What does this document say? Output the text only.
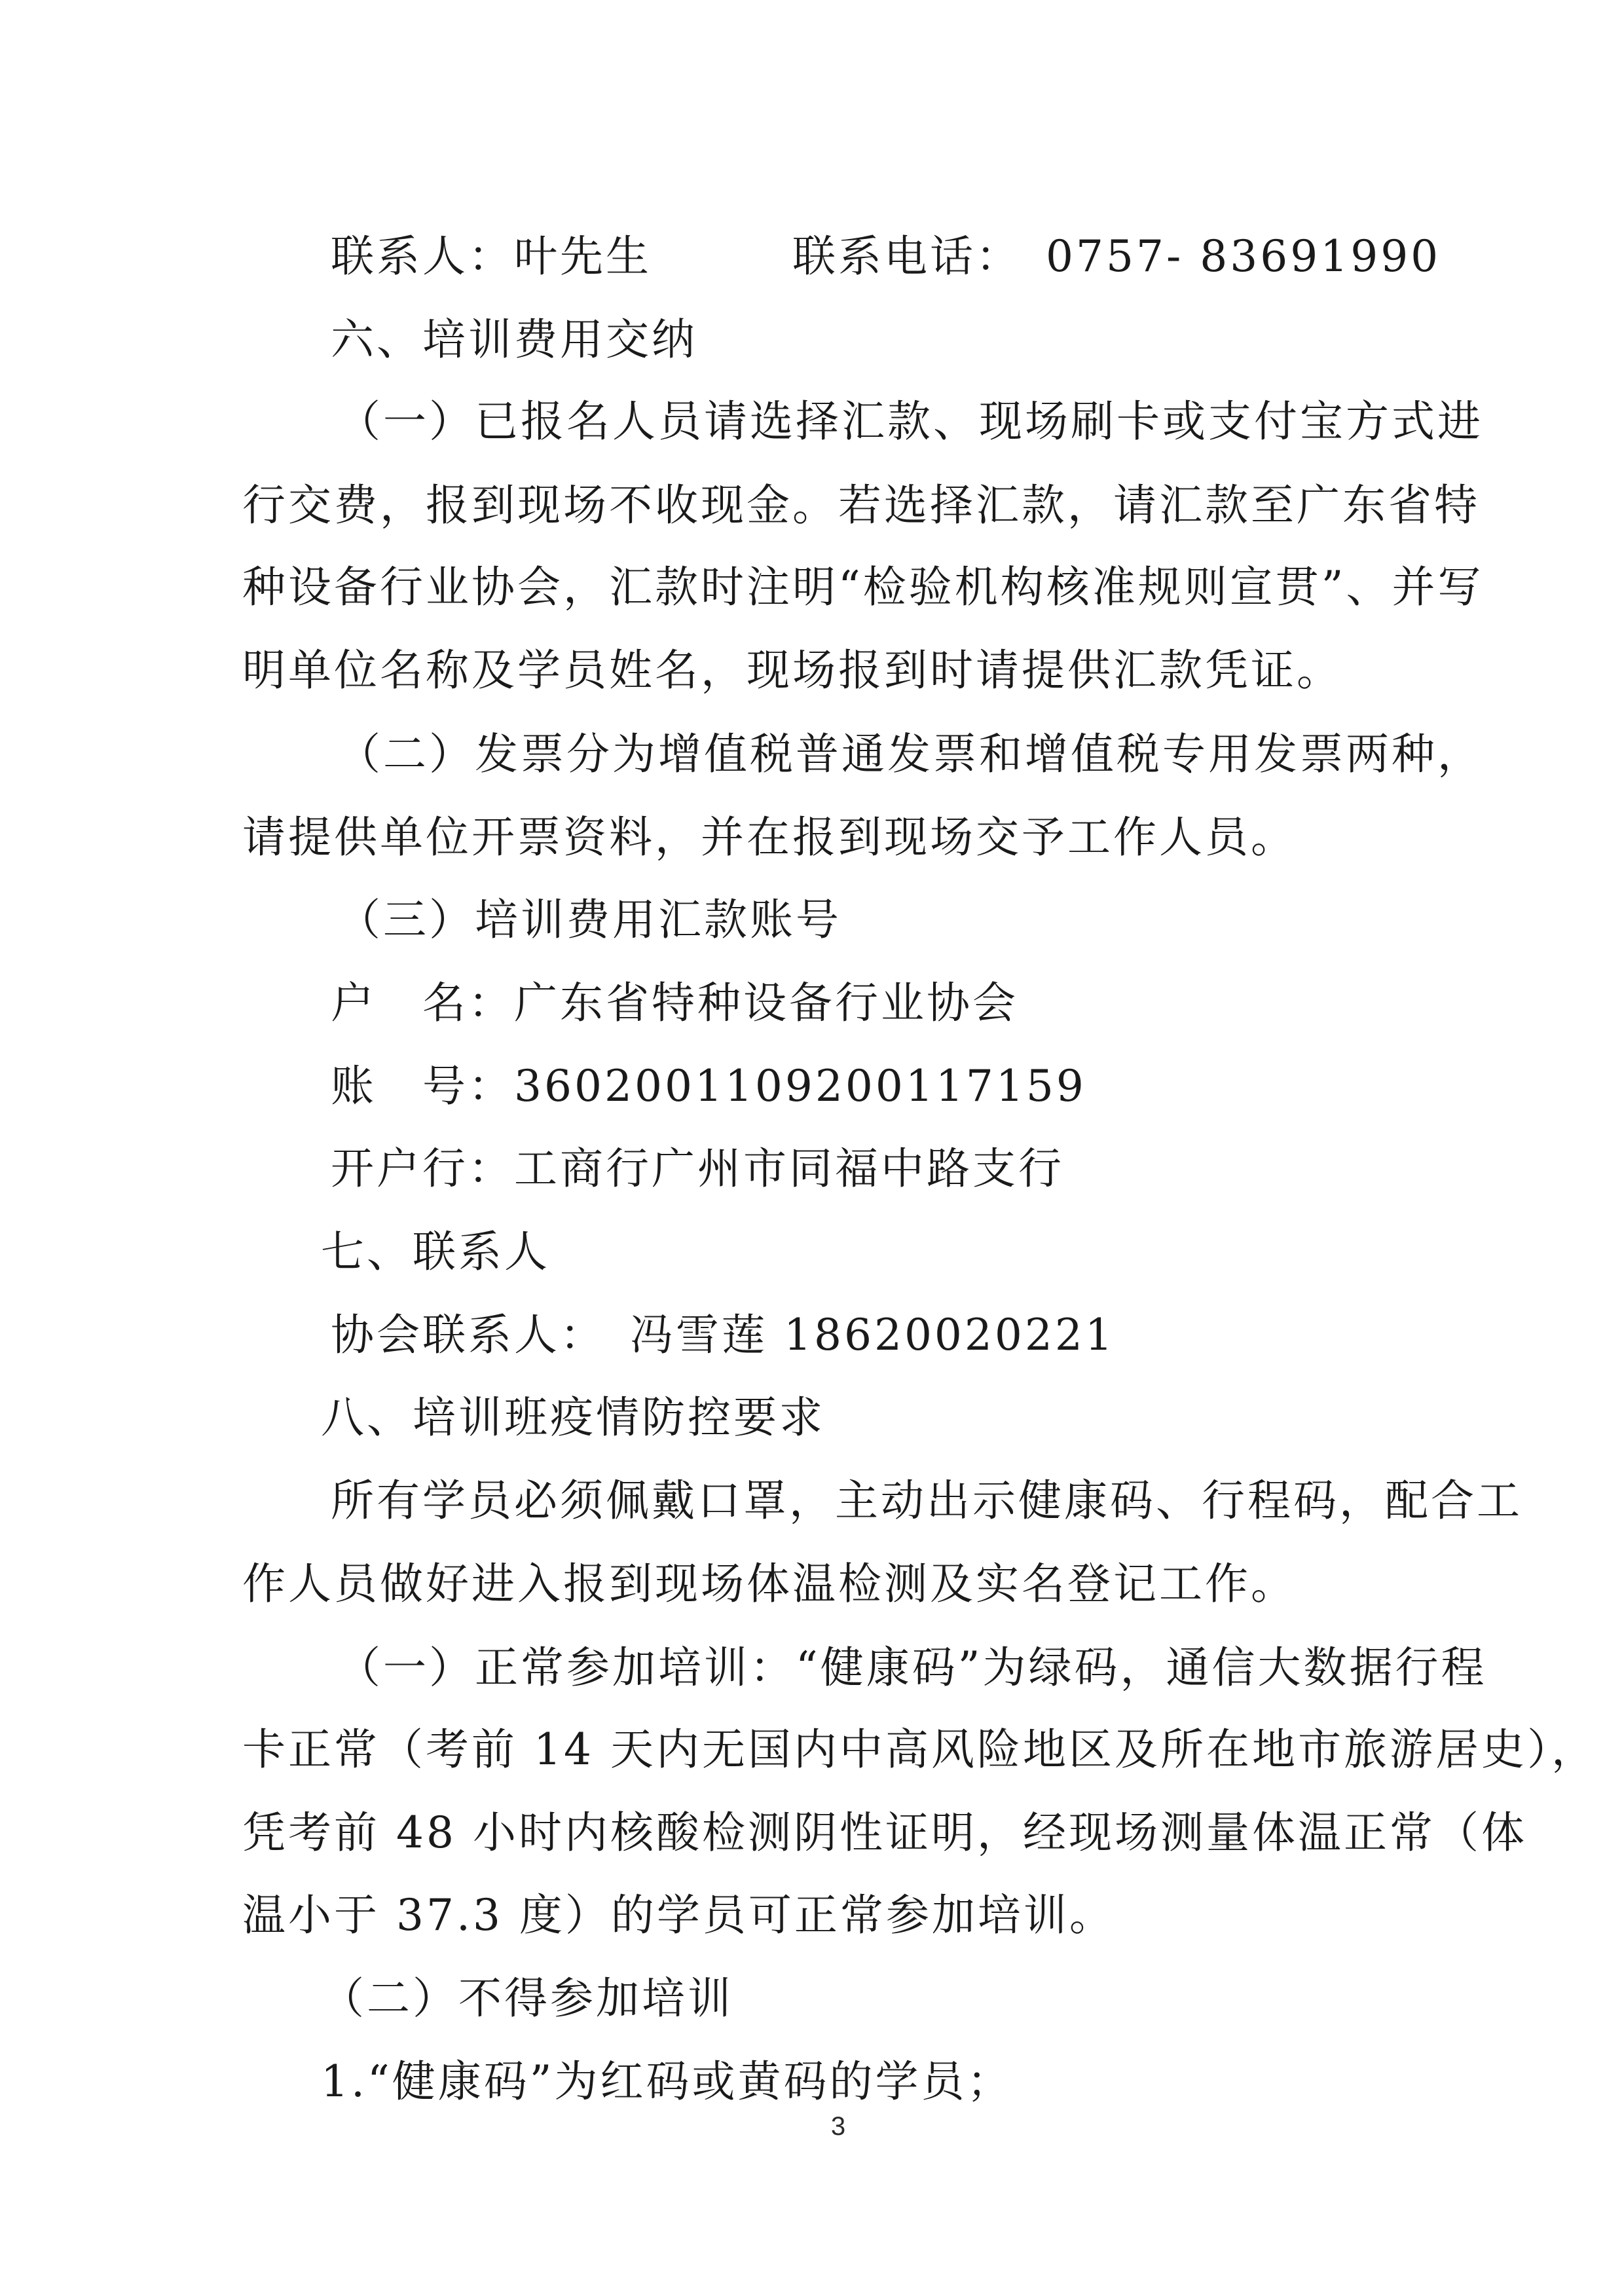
联系人：叶先生	联系电话：　0757- 83691990
六、培训费用交纳
（一）已报名人员请选择汇款、现场刷卡或支付宝方式进
行交费，报到现场不收现金。若选择汇款，请汇款至广东省特
种设备行业协会，汇款时注明“检验机构核准规则宣贯”、并写
明单位名称及学员姓名，现场报到时请提供汇款凭证。
（二）发票分为增值税普通发票和增值税专用发票两种，
请提供单位开票资料，并在报到现场交予工作人员。
（三）培训费用汇款账号
户　名：广东省特种设备行业协会
账　号：3602001109200117159
开户行：工商行广州市同福中路支行
七、联系人
协会联系人：　冯雪莲 18620020221
八、培训班疫情防控要求
所有学员必须佩戴口罩，主动出示健康码、行程码，配合工
作人员做好进入报到现场体温检测及实名登记工作。
（一）正常参加培训：“健康码”为绿码，通信大数据行程
卡正常（考前 14 天内无国内中高风险地区及所在地市旅游居史），
凭考前 48 小时内核酸检测阴性证明，经现场测量体温正常（体
温小于 37.3 度）的学员可正常参加培训。
（二）不得参加培训
1.“健康码”为红码或黄码的学员；
3
